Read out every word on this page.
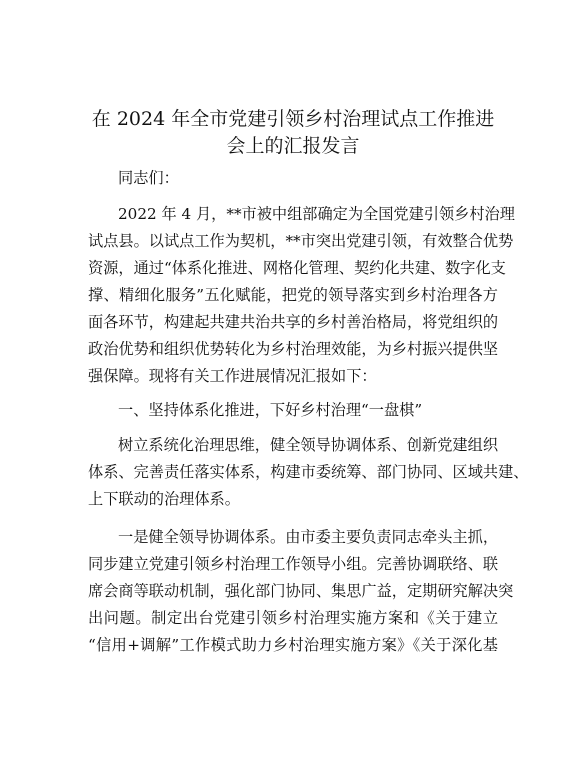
在 2024 年全市党建引领乡村治理试点工作推进
会上的汇报发言

同志们：

2022 年 4 月，**市被中组部确定为全国党建引领乡村治理

试点县。以试点工作为契机，**市突出党建引领，有效整合优势

资源，通过“体系化推进、网格化管理、契约化共建、数字化支

撑、精细化服务”五化赋能，把党的领导落实到乡村治理各方

面各环节，构建起共建共治共享的乡村善治格局，将党组织的

政治优势和组织优势转化为乡村治理效能，为乡村振兴提供坚

强保障。现将有关工作进展情况汇报如下：

一、坚持体系化推进，下好乡村治理“一盘棋”

树立系统化治理思维，健全领导协调体系、创新党建组织

体系、完善责任落实体系，构建市委统筹、部门协同、区域共建、

上下联动的治理体系。

一是健全领导协调体系。由市委主要负责同志牵头主抓，

同步建立党建引领乡村治理工作领导小组。完善协调联络、联

席会商等联动机制，强化部门协同、集思广益，定期研究解决突

出问题。制定出台党建引领乡村治理实施方案和《关于建立

“信用+调解”工作模式助力乡村治理实施方案》《关于深化基
